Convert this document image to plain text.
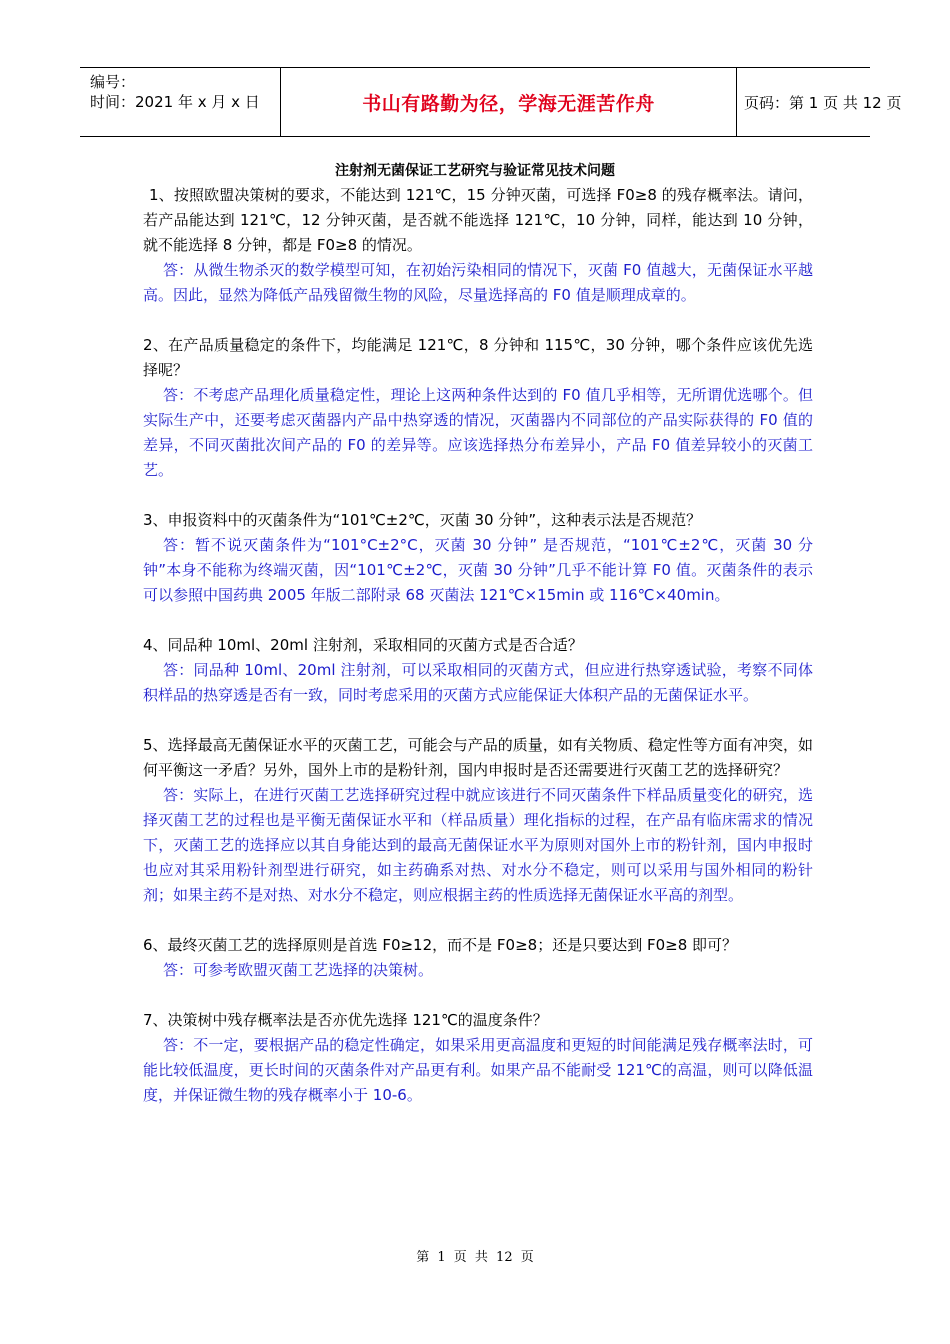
编号：
时间：2021 年 x 月 x 日	书山有路勤为径，学海无涯苦作舟	页码：第 1 页 共 12 页
注射剂无菌保证工艺研究与验证常见技术问题

1、按照欧盟决策树的要求，不能达到 121℃，15 分钟灭菌，可选择 F0≥8 的残存概率法。请问，若产品能达到 121℃，12 分钟灭菌，是否就不能选择 121℃，10 分钟，同样，能达到 10 分钟，就不能选择 8 分钟，都是 F0≥8 的情况。

答：从微生物杀灭的数学模型可知，在初始污染相同的情况下，灭菌 F0 值越大，无菌保证水平越高。因此，显然为降低产品残留微生物的风险，尽量选择高的 F0 值是顺理成章的。

2、在产品质量稳定的条件下，均能满足 121℃，8 分钟和 115℃，30 分钟，哪个条件应该优先选择呢？

答：不考虑产品理化质量稳定性，理论上这两种条件达到的 F0 值几乎相等，无所谓优选哪个。但实际生产中，还要考虑灭菌器内产品中热穿透的情况，灭菌器内不同部位的产品实际获得的 F0 值的差异，不同灭菌批次间产品的 F0 的差异等。应该选择热分布差异小，产品 F0 值差异较小的灭菌工艺。

3、申报资料中的灭菌条件为“101℃±2℃，灭菌 30 分钟”，这种表示法是否规范？

答：暂不说灭菌条件为“101°C±2°C，灭菌 30 分钟” 是否规范，“101℃±2℃，灭菌 30 分钟”本身不能称为终端灭菌，因“101℃±2℃，灭菌 30 分钟”几乎不能计算 F0 值。灭菌条件的表示可以参照中国药典 2005 年版二部附录 68 灭菌法 121℃×15min 或 116℃×40min。

4、同品种 10ml、20ml 注射剂，采取相同的灭菌方式是否合适？

答：同品种 10ml、20ml 注射剂，可以采取相同的灭菌方式，但应进行热穿透试验，考察不同体积样品的热穿透是否有一致，同时考虑采用的灭菌方式应能保证大体积产品的无菌保证水平。

5、选择最高无菌保证水平的灭菌工艺，可能会与产品的质量，如有关物质、稳定性等方面有冲突，如何平衡这一矛盾？另外，国外上市的是粉针剂，国内申报时是否还需要进行灭菌工艺的选择研究？

答：实际上，在进行灭菌工艺选择研究过程中就应该进行不同灭菌条件下样品质量变化的研究，选择灭菌工艺的过程也是平衡无菌保证水平和（样品质量）理化指标的过程，在产品有临床需求的情况下，灭菌工艺的选择应以其自身能达到的最高无菌保证水平为原则对国外上市的粉针剂，国内申报时也应对其采用粉针剂型进行研究，如主药确系对热、对水分不稳定，则可以采用与国外相同的粉针剂；如果主药不是对热、对水分不稳定，则应根据主药的性质选择无菌保证水平高的剂型。

6、最终灭菌工艺的选择原则是首选 F0≥12，而不是 F0≥8；还是只要达到 F0≥8 即可？

答：可参考欧盟灭菌工艺选择的决策树。

7、决策树中残存概率法是否亦优先选择 121℃的温度条件？

答：不一定，要根据产品的稳定性确定，如果采用更高温度和更短的时间能满足残存概率法时，可能比较低温度，更长时间的灭菌条件对产品更有利。如果产品不能耐受 121℃的高温，则可以降低温度，并保证微生物的残存概率小于 10-6。

第 1 页 共 12 页
